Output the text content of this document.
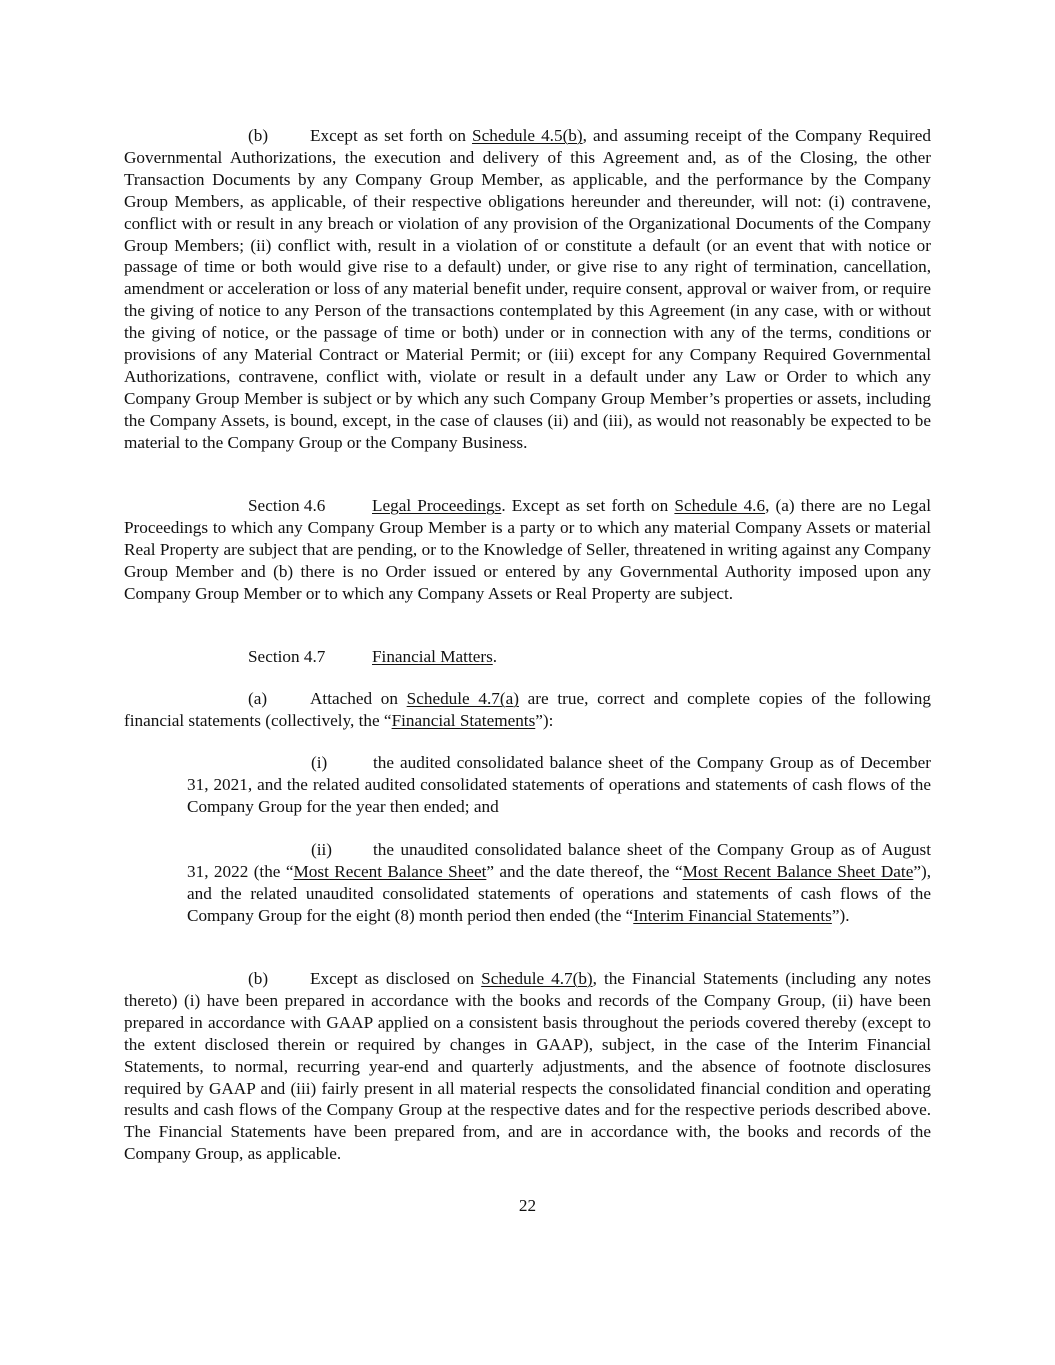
(b) Except as set forth on Schedule 4.5(b), and assuming receipt of the Company Required Governmental Authorizations, the execution and delivery of this Agreement and, as of the Closing, the other Transaction Documents by any Company Group Member, as applicable, and the performance by the Company Group Members, as applicable, of their respective obligations hereunder and thereunder, will not: (i) contravene, conflict with or result in any breach or violation of any provision of the Organizational Documents of the Company Group Members; (ii) conflict with, result in a violation of or constitute a default (or an event that with notice or passage of time or both would give rise to a default) under, or give rise to any right of termination, cancellation, amendment or acceleration or loss of any material benefit under, require consent, approval or waiver from, or require the giving of notice to any Person of the transactions contemplated by this Agreement (in any case, with or without the giving of notice, or the passage of time or both) under or in connection with any of the terms, conditions or provisions of any Material Contract or Material Permit; or (iii) except for any Company Required Governmental Authorizations, contravene, conflict with, violate or result in a default under any Law or Order to which any Company Group Member is subject or by which any such Company Group Member’s properties or assets, including the Company Assets, is bound, except, in the case of clauses (ii) and (iii), as would not reasonably be expected to be material to the Company Group or the Company Business.

Section 4.6	Legal Proceedings. Except as set forth on Schedule 4.6, (a) there are no Legal Proceedings to which any Company Group Member is a party or to which any material Company Assets or material Real Property are subject that are pending, or to the Knowledge of Seller, threatened in writing against any Company Group Member and (b) there is no Order issued or entered by any Governmental Authority imposed upon any Company Group Member or to which any Company Assets or Real Property are subject.

Section 4.7	Financial Matters.

(a) Attached on Schedule 4.7(a) are true, correct and complete copies of the following financial statements (collectively, the “Financial Statements”):

(i)	the audited consolidated balance sheet of the Company Group as of December 31, 2021, and the related audited consolidated statements of operations and statements of cash flows of the Company Group for the year then ended; and

(ii) the unaudited consolidated balance sheet of the Company Group as of August 31, 2022 (the “Most Recent Balance Sheet” and the date thereof, the “Most Recent Balance Sheet Date”), and the related unaudited consolidated statements of operations and statements of cash flows of the Company Group for the eight (8) month period then ended (the “Interim Financial Statements”).

(b) Except as disclosed on Schedule 4.7(b), the Financial Statements (including any notes thereto) (i) have been prepared in accordance with the books and records of the Company Group, (ii) have been prepared in accordance with GAAP applied on a consistent basis throughout the periods covered thereby (except to the extent disclosed therein or required by changes in GAAP), subject, in the case of the Interim Financial Statements, to normal, recurring year-end and quarterly adjustments, and the absence of footnote disclosures required by GAAP and (iii) fairly present in all material respects the consolidated financial condition and operating results and cash flows of the Company Group at the respective dates and for the respective periods described above. The Financial Statements have been prepared from, and are in accordance with, the books and records of the Company Group, as applicable.

22
